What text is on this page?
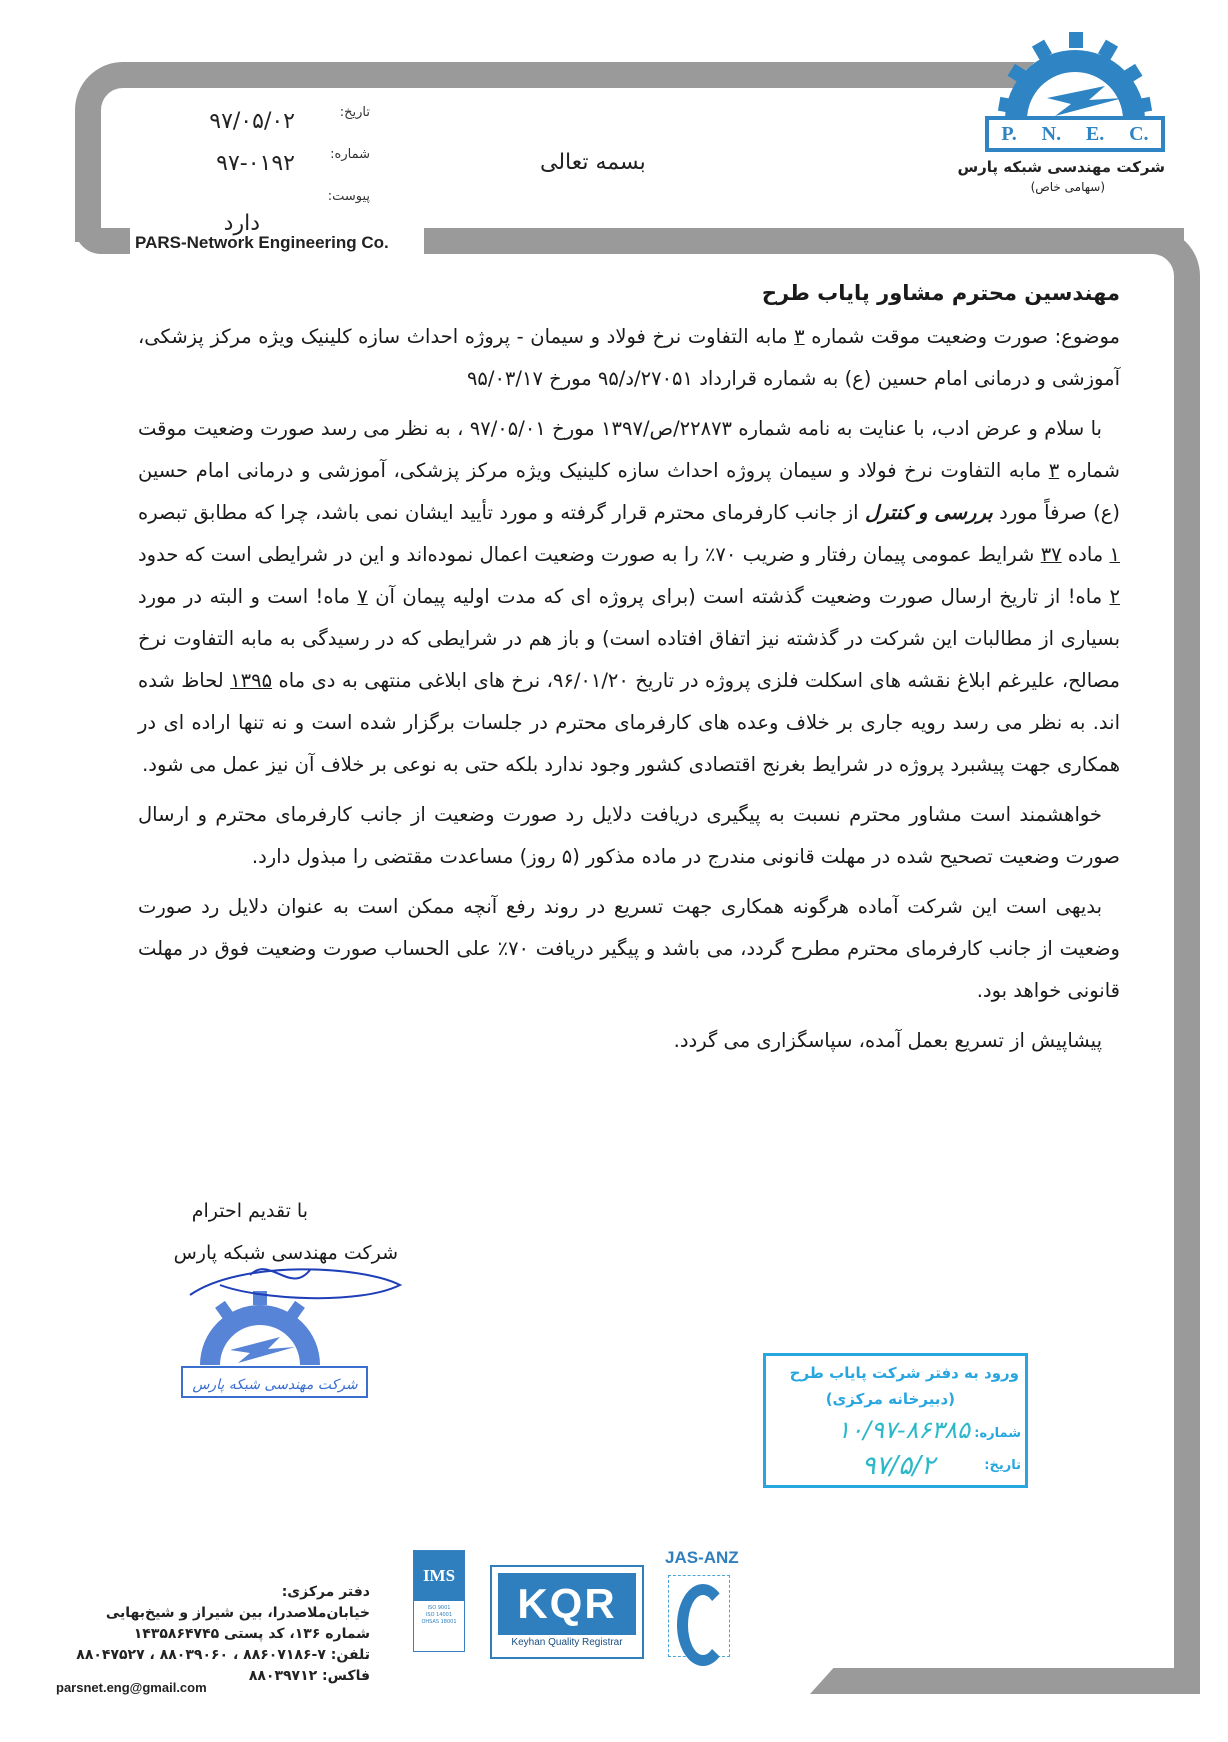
PARS-Network Engineering Co.
تاریخ:
۹۷/۰۵/۰۲
شماره:
۹۷-۰۱۹۲
پیوست:
دارد
بسمه تعالی
P. N. E. C.
شرکت مهندسی شبکه پارس
(سهامی خاص)
مهندسین محترم مشاور پایاب طرح

موضوع: صورت وضعیت موقت شماره ۳ مابه التفاوت نرخ فولاد و سیمان - پروژه احداث سازه کلینیک ویژه مرکز پزشکی، آموزشی و درمانی امام حسین (ع) به شماره قرارداد ۲۷۰۵۱/د/۹۵ مورخ ۹۵/۰۳/۱۷

با سلام و عرض ادب، با عنایت به نامه شماره ۲۲۸۷۳/ص/۱۳۹۷ مورخ ۹۷/۰۵/۰۱ ، به نظر می رسد صورت وضعیت موقت شماره ۳ مابه التفاوت نرخ فولاد و سیمان پروژه احداث سازه کلینیک ویژه مرکز پزشکی، آموزشی و درمانی امام حسین (ع) صرفاً مورد بررسی و کنترل از جانب کارفرمای محترم قرار گرفته و مورد تأیید ایشان نمی باشد، چرا که مطابق تبصره ۱ ماده ۳۷ شرایط عمومی پیمان رفتار و ضریب ۷۰٪ را به صورت وضعیت اعمال نموده‌اند و این در شرایطی است که حدود ۲ ماه! از تاریخ ارسال صورت وضعیت گذشته است (برای پروژه ای که مدت اولیه پیمان آن ۷ ماه! است و البته در مورد بسیاری از مطالبات این شرکت در گذشته نیز اتفاق افتاده است) و باز هم در شرایطی که در رسیدگی به مابه التفاوت نرخ مصالح، علیرغم ابلاغ نقشه های اسکلت فلزی پروژه در تاریخ ۹۶/۰۱/۲۰، نرخ های ابلاغی منتهی به دی ماه ۱۳۹۵ لحاظ شده اند. به نظر می رسد رویه جاری بر خلاف وعده های کارفرمای محترم در جلسات برگزار شده است و نه تنها اراده ای در همکاری جهت پیشبرد پروژه در شرایط بغرنج اقتصادی کشور وجود ندارد بلکه حتی به نوعی بر خلاف آن نیز عمل می شود.

خواهشمند است مشاور محترم نسبت به پیگیری دریافت دلایل رد صورت وضعیت از جانب کارفرمای محترم و ارسال صورت وضعیت تصحیح شده در مهلت قانونی مندرج در ماده مذکور (۵ روز) مساعدت مقتضی را مبذول دارد.

بدیهی است این شرکت آماده هرگونه همکاری جهت تسریع در روند رفع آنچه ممکن است به عنوان دلایل رد صورت وضعیت از جانب کارفرمای محترم مطرح گردد، می باشد و پیگیر دریافت ۷۰٪ علی الحساب صورت وضعیت فوق در مهلت قانونی خواهد بود.

پیشاپیش از تسریع بعمل آمده، سپاسگزاری می گردد.

با تقدیم احترام
شرکت مهندسی شبکه پارس
شرکت مهندسی شبکه پارس
ورود به دفتر شرکت پایاب طرح
(دبیرخانه مرکزی)
شماره:
۱۰/۹۷-۸۶۳۸۵
تاریخ:
۹۷/۵/۲
IMS
ISO 9001
ISO 14001
OHSAS 18001	KQR
Keyhan Quality Registrar
JAS-ANZ
دفتر مرکزی:
خیابان‌ملاصدرا، بین شیراز و شیخ‌بهایی
شماره ۱۳۶، کد پستی ۱۴۳۵۸۶۴۷۴۵
تلفن: ۷-۸۸۶۰۷۱۸۶ ، ۸۸۰۳۹۰۶۰ ، ۸۸۰۴۷۵۲۷
فاکس: ۸۸۰۳۹۷۱۲
parsnet.eng@gmail.com
